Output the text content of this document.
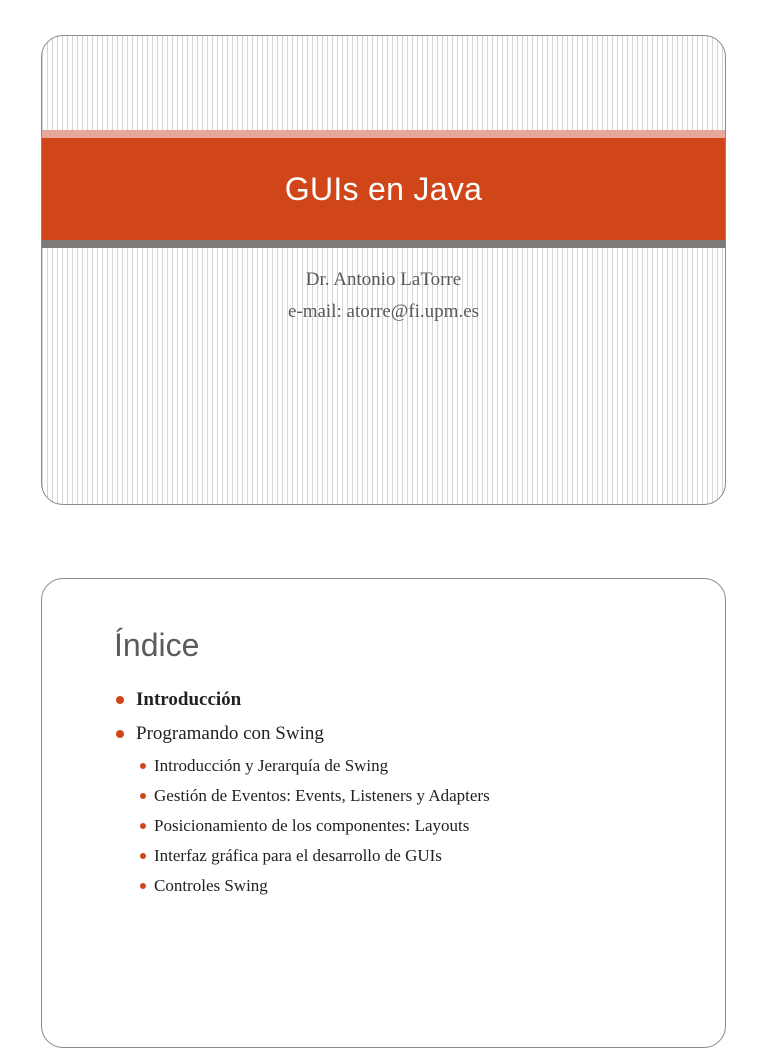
GUIs en Java
Dr. Antonio LaTorre
e-mail: atorre@fi.upm.es
Índice
Introducción
Programando con Swing
Introducción y Jerarquía de Swing
Gestión de Eventos: Events, Listeners y Adapters
Posicionamiento de los componentes: Layouts
Interfaz gráfica para el desarrollo de GUIs
Controles Swing
